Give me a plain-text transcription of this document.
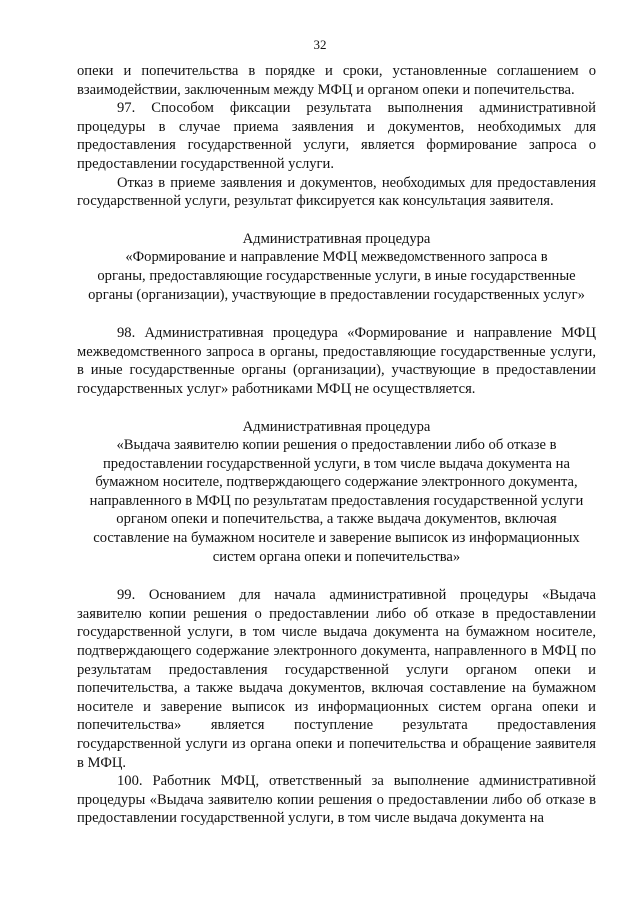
32

опеки и попечительства в порядке и сроки, установленные соглашением о взаимодействии, заключенным между МФЦ и органом опеки и попечительства.

97. Способом фиксации результата выполнения административной процедуры в случае приема заявления и документов, необходимых для предоставления государственной услуги, является формирование запроса о предоставлении государственной услуги.

Отказ в приеме заявления и документов, необходимых для предоставления государственной услуги, результат фиксируется как консультация заявителя.

Административная процедура
«Формирование и направление МФЦ межведомственного запроса в
органы, предоставляющие государственные услуги, в иные государственные
органы (организации), участвующие в предоставлении государственных услуг»

98. Административная процедура «Формирование и направление МФЦ межведомственного запроса в органы, предоставляющие государственные услуги, в иные государственные органы (организации), участвующие в предоставлении государственных услуг» работниками МФЦ не осуществляется.

Административная процедура
«Выдача заявителю копии решения о предоставлении либо об отказе в
предоставлении государственной услуги, в том числе выдача документа на
бумажном носителе, подтверждающего содержание электронного документа,
направленного в МФЦ по результатам предоставления государственной услуги
органом опеки и попечительства, а также выдача документов, включая
составление на бумажном носителе и заверение выписок из информационных
систем органа опеки и попечительства»

99. Основанием для начала административной процедуры «Выдача заявителю копии решения о предоставлении либо об отказе в предоставлении государственной услуги, в том числе выдача документа на бумажном носителе, подтверждающего содержание электронного документа, направленного в МФЦ по результатам предоставления государственной услуги органом опеки и попечительства, а также выдача документов, включая составление на бумажном носителе и заверение выписок из информационных систем органа опеки и попечительства» является поступление результата предоставления государственной услуги из органа опеки и попечительства и обращение заявителя в МФЦ.

100. Работник МФЦ, ответственный за выполнение административной процедуры «Выдача заявителю копии решения о предоставлении либо об отказе в предоставлении государственной услуги, в том числе выдача документа на
